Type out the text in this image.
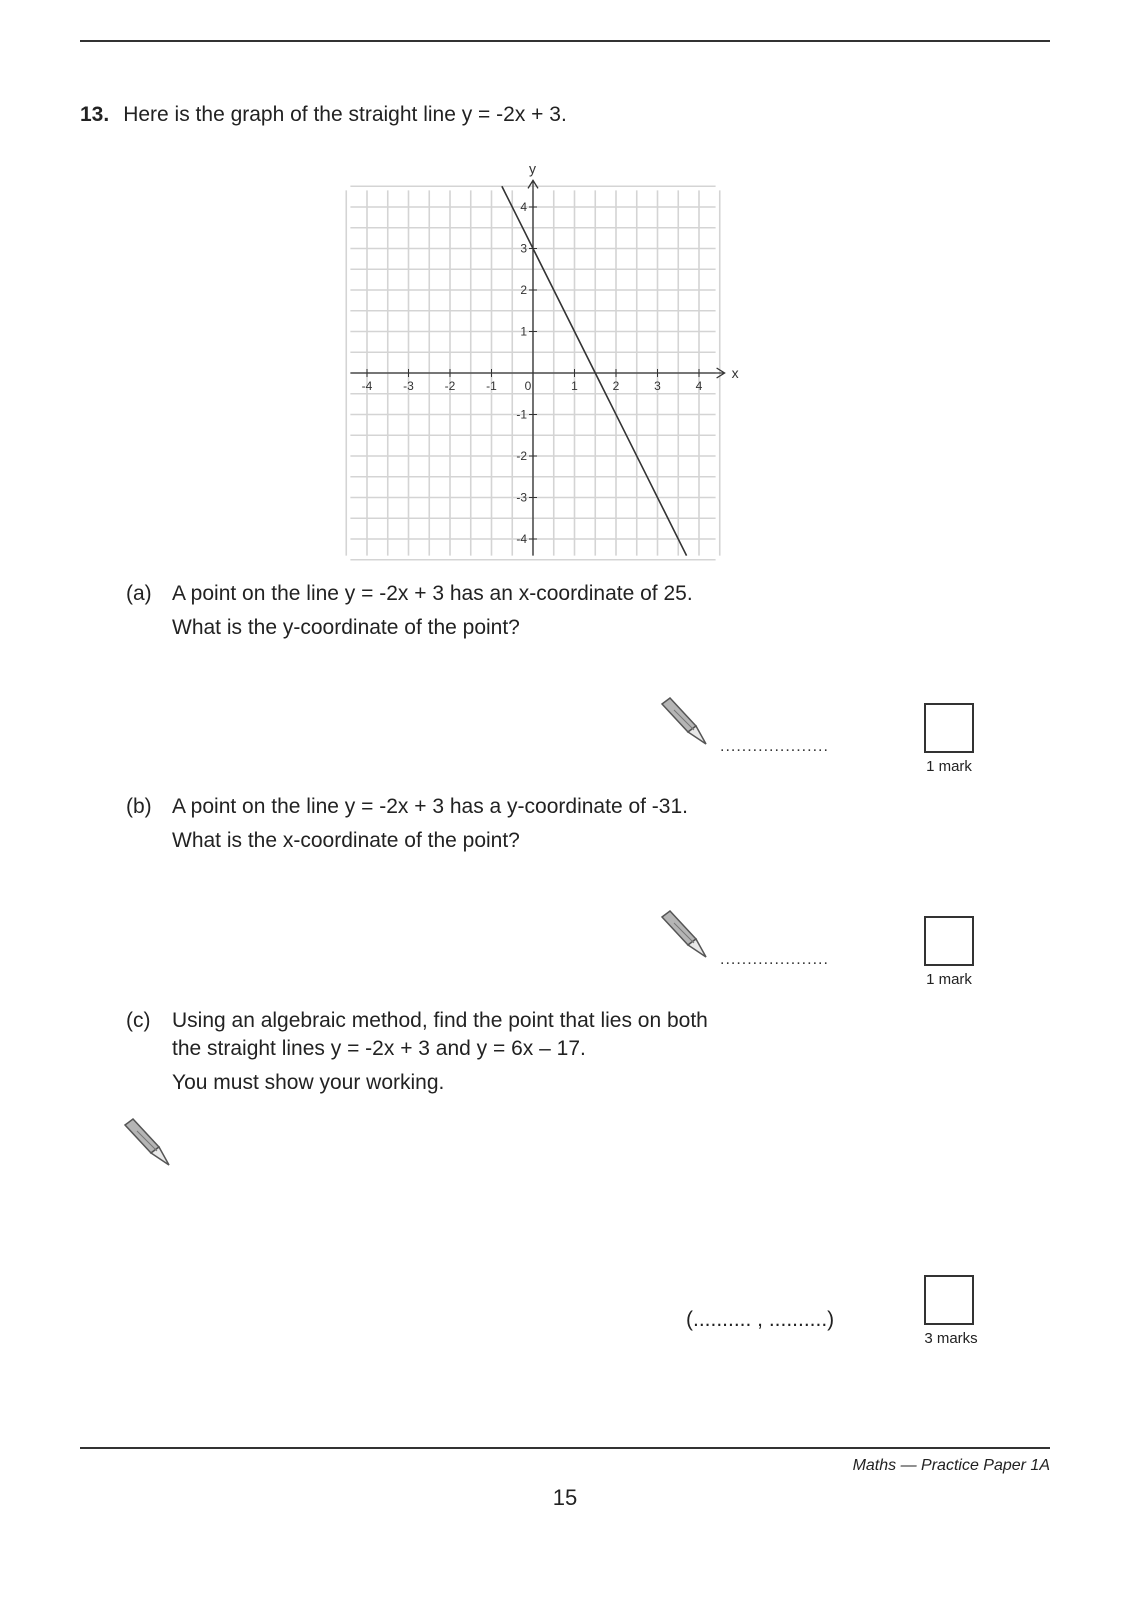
13. Here is the graph of the straight line y = -2x + 3.
x
y
-4	-3	-2	-1 0	1	2	3	4
-4
-3
-2
-1
1
2
3
4
(a) A point on the line y = -2x + 3 has an x-coordinate of 25.
What is the y-coordinate of the point?
....................
1 mark
(b) A point on the line y = -2x + 3 has a y-coordinate of -31.
What is the x-coordinate of the point?
....................
1 mark
(c)	Using an algebraic method, find the point that lies on both
the straight lines y = -2x + 3 and y = 6x – 17.
You must show your working.
(.......... , ..........)
3 marks
Maths — Practice Paper 1A
15
